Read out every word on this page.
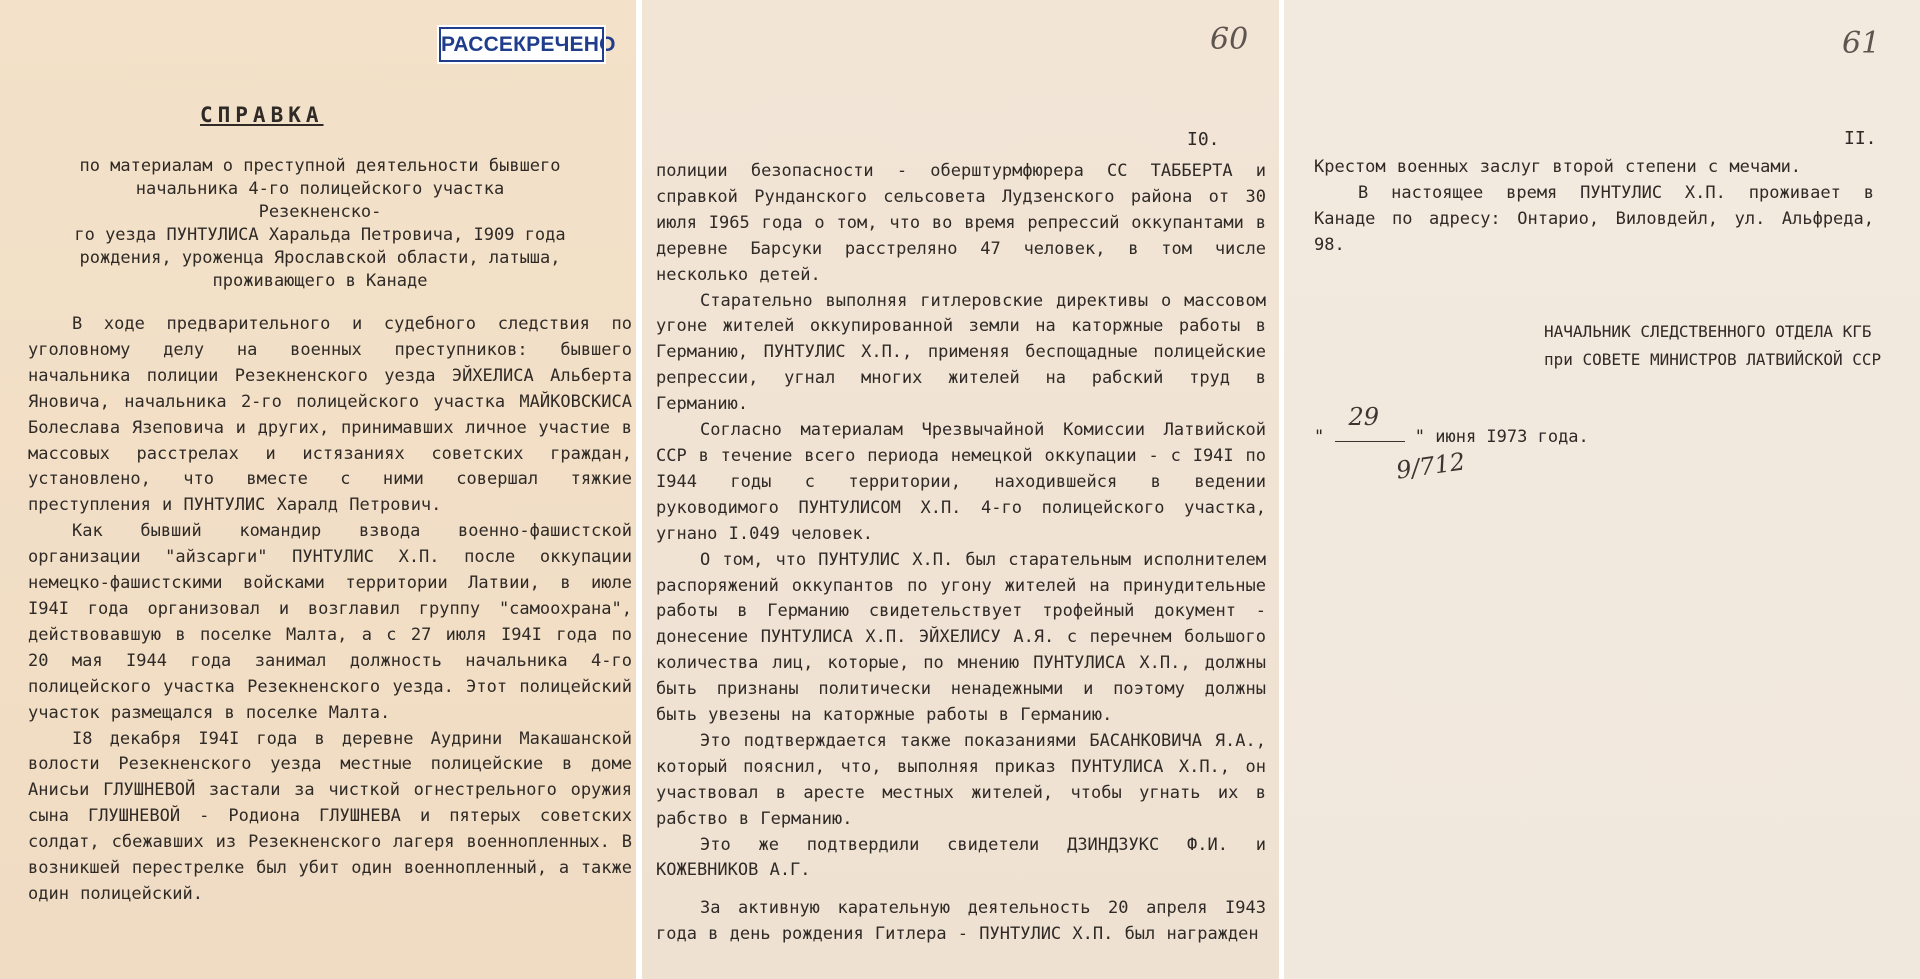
РАССЕКРЕЧЕНО
СПРАВКА

по материалам о преступной деятельности бывшего
начальника 4-го полицейского участка Резекненско-
го уезда ПУНТУЛИСА Харальда Петровича, I909 года
рождения, уроженца Ярославской области, латыша,
проживающего в Канаде

В ходе предварительного и судебного следствия по уголовному делу на военных преступников: бывшего начальника полиции Резекненского уезда ЭЙХЕЛИСА Альберта Яновича, начальника 2-го полицейского участка МАЙКОВСКИСА Болеслава Язеповича и других, принимавших личное участие в массовых расстрелах и истязаниях советских граждан, установлено, что вместе с ними совершал тяжкие преступления и ПУНТУЛИС Харалд Петрович.

Как бывший командир взвода военно-фашистской организации "айзсарги" ПУНТУЛИС Х.П. после оккупации немецко-фашистскими войсками территории Латвии, в июле I94I года организовал и возглавил группу "самоохрана", действовавшую в поселке Малта, а с 27 июля I94I года по 20 мая I944 года занимал должность начальника 4-го полицейского участка Резекненского уезда. Этот полицейский участок размещался в поселке Малта.

I8 декабря I94I года в деревне Аудрини Макашанской волости Резекненского уезда местные полицейские в доме Анисьи ГЛУШНЕВОЙ застали за чисткой огнестрельного оружия сына ГЛУШНЕВОЙ - Родиона ГЛУШНЕВА и пятерых советских солдат, сбежавших из Резекненского лагеря военнопленных. В возникшей перестрелке был убит один военнопленный, а также один полицейский.

60
I0.

полиции безопасности - оберштурмфюрера СС ТАББЕРТА и справкой Рунданского сельсовета Лудзенского района от 30 июля I965 года о том, что во время репрессий оккупантами в деревне Барсуки расстреляно 47 человек, в том числе несколько детей.

Старательно выполняя гитлеровские директивы о массовом угоне жителей оккупированной земли на каторжные работы в Германию, ПУНТУЛИС Х.П., применяя беспощадные полицейские репрессии, угнал многих жителей на рабский труд в Германию.

Согласно материалам Чрезвычайной Комиссии Латвийской ССР в течение всего периода немецкой оккупации - с I94I по I944 годы с территории, находившейся в ведении руководимого ПУНТУЛИСОМ Х.П. 4-го полицейского участка, угнано I.049 человек.

О том, что ПУНТУЛИС Х.П. был старательным исполнителем распоряжений оккупантов по угону жителей на принудительные работы в Германию свидетельствует трофейный документ - донесение ПУНТУЛИСА Х.П. ЭЙХЕЛИСУ А.Я. с перечнем большого количества лиц, которые, по мнению ПУНТУЛИСА Х.П., должны быть признаны политически ненадежными и поэтому должны быть увезены на каторжные работы в Германию.

Это подтверждается также показаниями БАСАНКОВИЧА Я.А., который пояснил, что, выполняя приказ ПУНТУЛИСА Х.П., он участвовал в аресте местных жителей, чтобы угнать их в рабство в Германию.

Это же подтвердили свидетели ДЗИНДЗУКС Ф.И. и КОЖЕВНИКОВ А.Г.

За активную карательную деятельность 20 апреля I943 года в день рождения Гитлера - ПУНТУЛИС Х.П. был награжден

61
II.

Крестом военных заслуг второй степени с мечами.

В настоящее время ПУНТУЛИС Х.П. проживает в Канаде по адресу: Онтарио, Виловдейл, ул. Альфреда, 98.

НАЧАЛЬНИК СЛЕДСТВЕННОГО ОТДЕЛА КГБ
при СОВЕТЕ МИНИСТРОВ ЛАТВИЙСКОЙ ССР

"
29
" июня I973 года.
9/712
